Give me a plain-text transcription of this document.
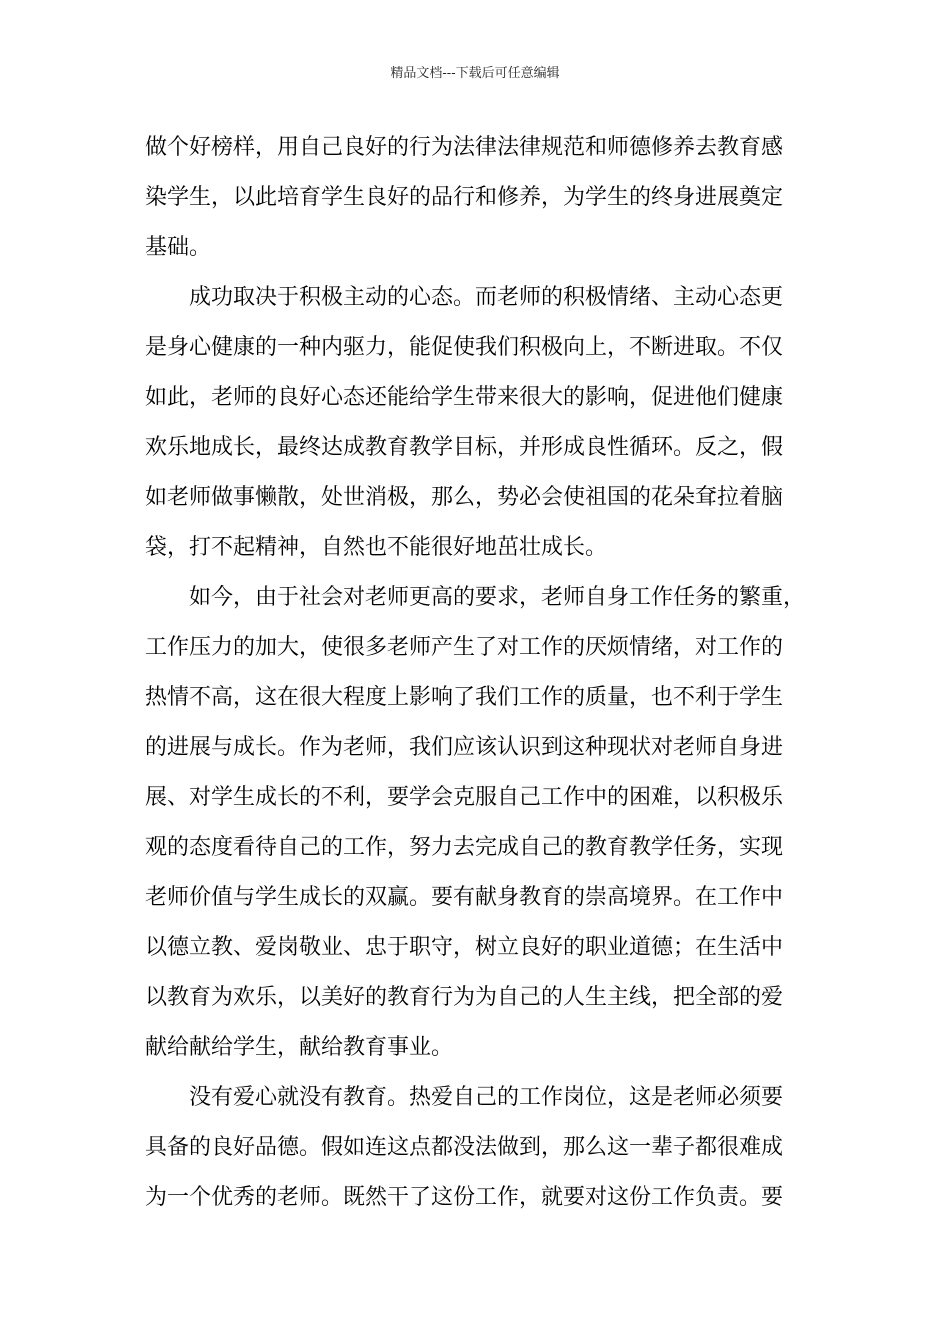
精品文档---下载后可任意编辑
做个好榜样，用自己良好的行为法律法律规范和师德修养去教育感
染学生，以此培育学生良好的品行和修养，为学生的终身进展奠定
基础。
成功取决于积极主动的心态。而老师的积极情绪、主动心态更
是身心健康的一种内驱力，能促使我们积极向上，不断进取。不仅
如此，老师的良好心态还能给学生带来很大的影响，促进他们健康
欢乐地成长，最终达成教育教学目标，并形成良性循环。反之，假
如老师做事懒散，处世消极，那么，势必会使祖国的花朵耷拉着脑
袋，打不起精神，自然也不能很好地茁壮成长。
如今，由于社会对老师更高的要求，老师自身工作任务的繁重，
工作压力的加大，使很多老师产生了对工作的厌烦情绪，对工作的
热情不高，这在很大程度上影响了我们工作的质量，也不利于学生
的进展与成长。作为老师，我们应该认识到这种现状对老师自身进
展、对学生成长的不利，要学会克服自己工作中的困难，以积极乐
观的态度看待自己的工作，努力去完成自己的教育教学任务，实现
老师价值与学生成长的双赢。要有献身教育的崇高境界。在工作中
以德立教、爱岗敬业、忠于职守，树立良好的职业道德；在生活中
以教育为欢乐，以美好的教育行为为自己的人生主线，把全部的爱
献给献给学生，献给教育事业。
没有爱心就没有教育。热爱自己的工作岗位，这是老师必须要
具备的良好品德。假如连这点都没法做到，那么这一辈子都很难成
为一个优秀的老师。既然干了这份工作，就要对这份工作负责。要
